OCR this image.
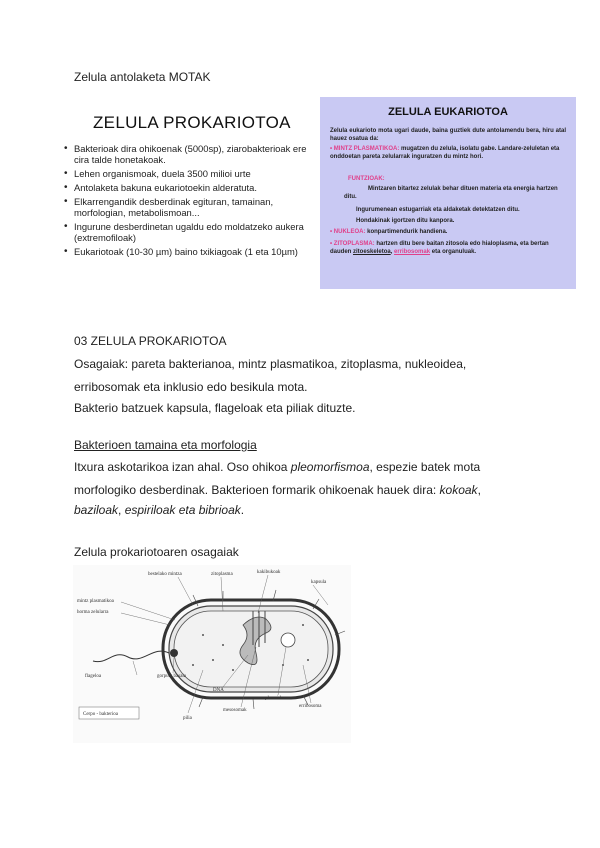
Zelula antolaketa MOTAK
ZELULA PROKARIOTOA
• Bakterioak dira ohikoenak (5000sp), ziarobakterioak ere cira talde honetakoak.
• Lehen organismoak, duela 3500 milioi urte
• Antolaketa bakuna eukariotoekin alderatuta.
• Elkarrengandik desberdinak egituran, tamainan, morfologian, metabolismoan...
• Ingurune desberdinetan ugaldu edo moldatzeko aukera (extremofiloak)
• Eukariotoak (10-30 µm) baino txikiagoak (1 eta 10µm)
ZELULA EUKARIOTOA
Zelula eukarioto mota ugari daude, baina guztiek dute antolamendu bera, hiru atal hauez osatua da:
• MINTZ PLASMATIKOA: mugatzen du zelula, isolatu gabe. Landare-zeluletan eta onddoetan pareta zelularrak inguratzen du mintz hori.
FUNTZIOAK:
Mintzaren bitartez zelulak behar dituen materia eta energia hartzen ditu.
Ingurumenean estugarriak eta aldaketak detektatzen ditu.
Hondakinak igortzen ditu kanpora.
• NUKLEOA: konpartimendurik handiena.
• ZITOPLASMA: hartzen ditu bere baitan zitosola edo hialoplasma, eta bertan dauden zitoeskeletoa, erribosomak eta organuluak.
03 ZELULA PROKARIOTOA
Osagaiak: pareta bakterianoa, mintz plasmatikoa, zitoplasma, nukleoidea,
erribosomak eta inklusio edo besikula mota.
Bakterio batzuek kapsula, flageloak eta piliak dituzte.
Bakterioen tamaina eta morfologia
Itxura askotarikoa izan ahal. Oso ohikoa pleomorfismoa, espezie batek mota
morfologiko desberdinak. Bakterioen formarik ohikoenak hauek dira: kokoak,
baziloak, espiriloak eta bibrioak.
Zelula prokariotoaren osagaiak
bestelako mintza	zitoplasma	kakibukoak
kapsula
mintz plasmatikoa
horma zelularra
flageloa	gorputz basala
DNA
pilia
mesosomak
plasmidoa
erribosoma
Cerpo - bakterioa
